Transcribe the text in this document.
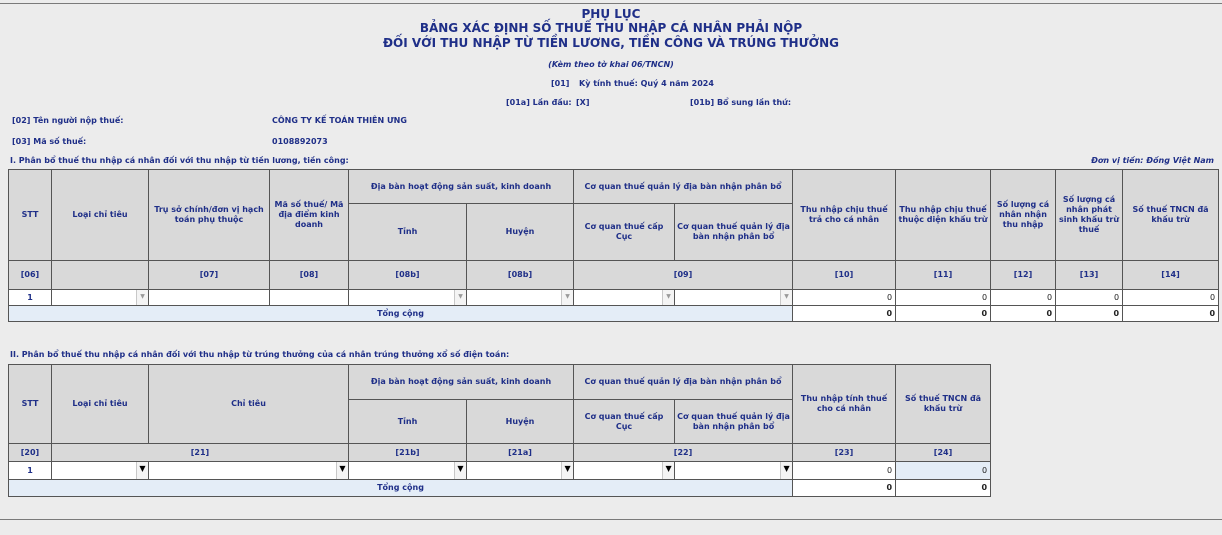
PHỤ LỤC
BẢNG XÁC ĐỊNH SỐ THUẾ THU NHẬP CÁ NHÂN PHẢI NỘP
ĐỐI VỚI THU NHẬP TỪ TIỀN LƯƠNG, TIỀN CÔNG VÀ TRÚNG THƯỞNG
(Kèm theo tờ khai 06/TNCN)
[01] Kỳ tính thuế: Quý 4 năm 2024
[01a] Lần đầu: [X]	[01b] Bổ sung lần thứ:
[02] Tên người nộp thuế:	CÔNG TY KẾ TOÁN THIÊN ƯNG
[03] Mã số thuế:	0108892073
I. Phân bổ thuế thu nhập cá nhân đối với thu nhập từ tiền lương, tiền công:	Đơn vị tiền: Đồng Việt Nam
STT	Loại chỉ tiêu	Trụ sở chính/đơn vị hạch toán phụ thuộc	Mã số thuế/ Mã địa điểm kinh doanh	Địa bàn hoạt động sản suất, kinh doanh		Cơ quan thuế quản lý địa bàn nhận phân bổ		Thu nhập chịu thuế trả cho cá nhân	Thu nhập chịu thuế thuộc diện khấu trừ	Số lượng cá nhân nhận thu nhập	Số lượng cá nhân phát sinh khấu trừ thuế	Số thuế TNCN đã khấu trừ
				Tỉnh	Huyện	Cơ quan thuế cấp Cục	Cơ quan thuế quản lý địa bàn nhận phân bổ					
[06]		[07]	[08]	[08b]	[08b]	[09]		[10]	[11]	[12]	[13]	[14]
1	▼			▼	▼	▼	▼	0	0	0	0	0
Tổng cộng								0	0	0	0	0
II. Phân bổ thuế thu nhập cá nhân đối với thu nhập từ trúng thưởng của cá nhân trúng thưởng xổ số điện toán:
STT	Loại chỉ tiêu	Chỉ tiêu	Địa bàn hoạt động sản suất, kinh doanh		Cơ quan thuế quản lý địa bàn nhận phân bổ		Thu nhập tính thuế cho cá nhân	Số thuế TNCN đã khấu trừ
			Tỉnh	Huyện	Cơ quan thuế cấp Cục	Cơ quan thuế quản lý địa bàn nhận phân bổ		
[20]	[21]		[21b]	[21a]	[22]		[23]	[24]
1	▼	▼	▼	▼	▼	▼	0	0
Tổng cộng							0	0
